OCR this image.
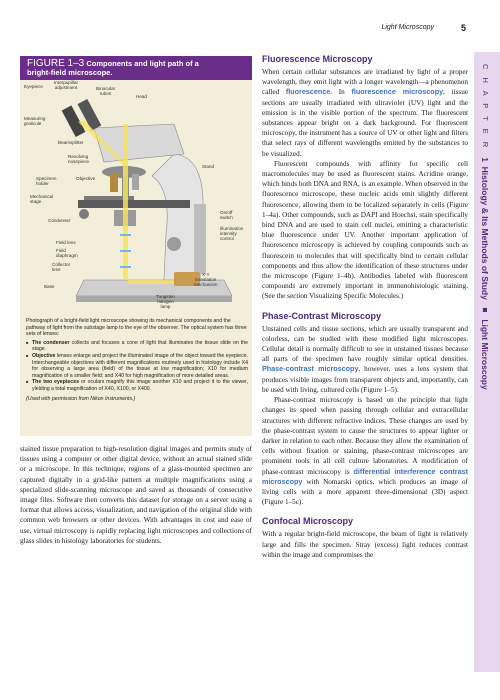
Light Microscopy	5
C H A P T E R   1  Histology & Its Methods of Study  ■  Light Microscopy
FIGURE 1–3 Components and light path of a
bright-field microscope.
Eyepiece
Interpupillar
adjustment	Binocular
tubes
Head
Measuring
graticule
Beamsplitter
Revolving
nosepiece
Stand
Specimen
holder
Objective
Mechanical
stage
Condenser
On/off
switch
Illumination
intensity
control
Field lens
Field
diaphragm
Collector
lens
Base
X-Y
translation
mechanism
Tungsten
halogen
lamp

Photograph of a bright-field light microscope showing its mechanical components and the pathway of light from the substage lamp to the eye of the observer. The optical system has three sets of lenses:

■ The condenser collects and focuses a cone of light that illuminates the tissue slide on the stage.
■ Objective lenses enlarge and project the illuminated image of the object toward the eyepiece. Interchangeable objectives with different magnifications routinely used in histology include X4 for observing a large area (field) of the tissue at low magnification; X10 for medium magnification of a smaller field; and X40 for high magnification of more detailed areas.
■ The two eyepieces or oculars magnify this image another X10 and project it to the viewer, yielding a total magnification of X40, X100, or X400.

(Used with permission from Nikon Instruments.)

stained tissue preparation to high-resolution digital images and permits study of tissues using a computer or other digital device, without an actual stained slide or a microscope. In this technique, regions of a glass-mounted specimen are captured digitally in a grid-like pattern at multiple magnifications using a specialized slide-scanning microscope and saved as thousands of consecutive image files. Software then converts this dataset for storage on a server using a format that allows access, visualization, and navigation of the original slide with common web browsers or other devices. With advantages in cost and ease of use, virtual microscopy is rapidly replacing light microscopes and collections of glass slides in histology laboratories for students.

Fluorescence Microscopy

When certain cellular substances are irradiated by light of a proper wavelength, they emit light with a longer wavelength—a phenomenon called fluorescence. In fluorescence microscopy, tissue sections are usually irradiated with ultraviolet (UV) light and the emission is in the visible portion of the spectrum. The fluorescent substances appear bright on a dark background. For fluorescent microscopy, the instrument has a source of UV or other light and filters that select rays of different wavelengths emitted by the substances to be visualized.

Fluorescent compounds with affinity for specific cell macromolecules may be used as fluorescent stains. Acridine orange, which binds both DNA and RNA, is an example. When observed in the fluorescence microscope, these nucleic acids emit slightly different fluorescence, allowing them to be localized separately in cells (Figure 1–4a). Other compounds, such as DAPI and Hoechst, stain specifically bind DNA and are used to stain cell nuclei, emitting a characteristic blue fluorescence under UV. Another important application of fluorescence microscopy is achieved by coupling compounds such as fluorescein to molecules that will specifically bind to certain cellular components and thus allow the identification of these structures under the microscope (Figure 1–4b). Antibodies labeled with fluorescent compounds are extremely important in immunohistologic staining. (See the section Visualizing Specific Molecules.)

Phase-Contrast Microscopy

Unstained cells and tissue sections, which are usually transparent and colorless, can be studied with these modified light microscopes. Cellular detail is normally difficult to see in unstained tissues because all parts of the specimen have roughly similar optical densities. Phase-contrast microscopy, however, uses a lens system that produces visible images from transparent objects and, importantly, can be used with living, cultured cells (Figure 1–5).

Phase-contrast microscopy is based on the principle that light changes its speed when passing through cellular and extracellular structures with different refractive indices. These changes are used by the phase-contrast system to cause the structures to appear lighter or darker in relation to each other. Because they allow the examination of cells without fixation or staining, phase-contrast microscopes are prominent tools in all cell culture laboratories. A modification of phase-contrast microscopy is differential interference contrast microscopy with Nomarski optics, which produces an image of living cells with a more apparent three-dimensional (3D) aspect (Figure 1–5c).

Confocal Microscopy

With a regular bright-field microscope, the beam of light is relatively large and fills the specimen. Stray (excess) light reduces contrast within the image and compromises the
